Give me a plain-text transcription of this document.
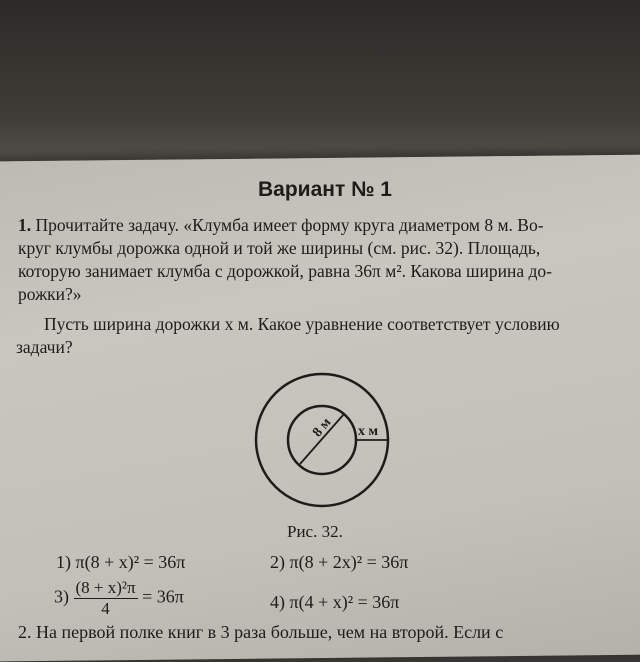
Вариант № 1
1. Прочитайте задачу. «Клумба имеет форму круга диаметром 8 м. Во-
круг клумбы дорожка одной и той же ширины (см. рис. 32). Площадь,
которую занимает клумба с дорожкой, равна 36π м². Какова ширина до-
рожки?»
Пусть ширина дорожки x м. Какое уравнение соответствует условию
задачи?
8 м x м
Рис. 32.
1) π(8 + x)² = 36π	2) π(8 + 2x)² = 36π
$3) \frac{\text{(8 + x)²π}}{4} = 36\pi$	4) π(4 + x)² = 36π
2. На первой полке книг в 3 раза больше, чем на второй. Если с
